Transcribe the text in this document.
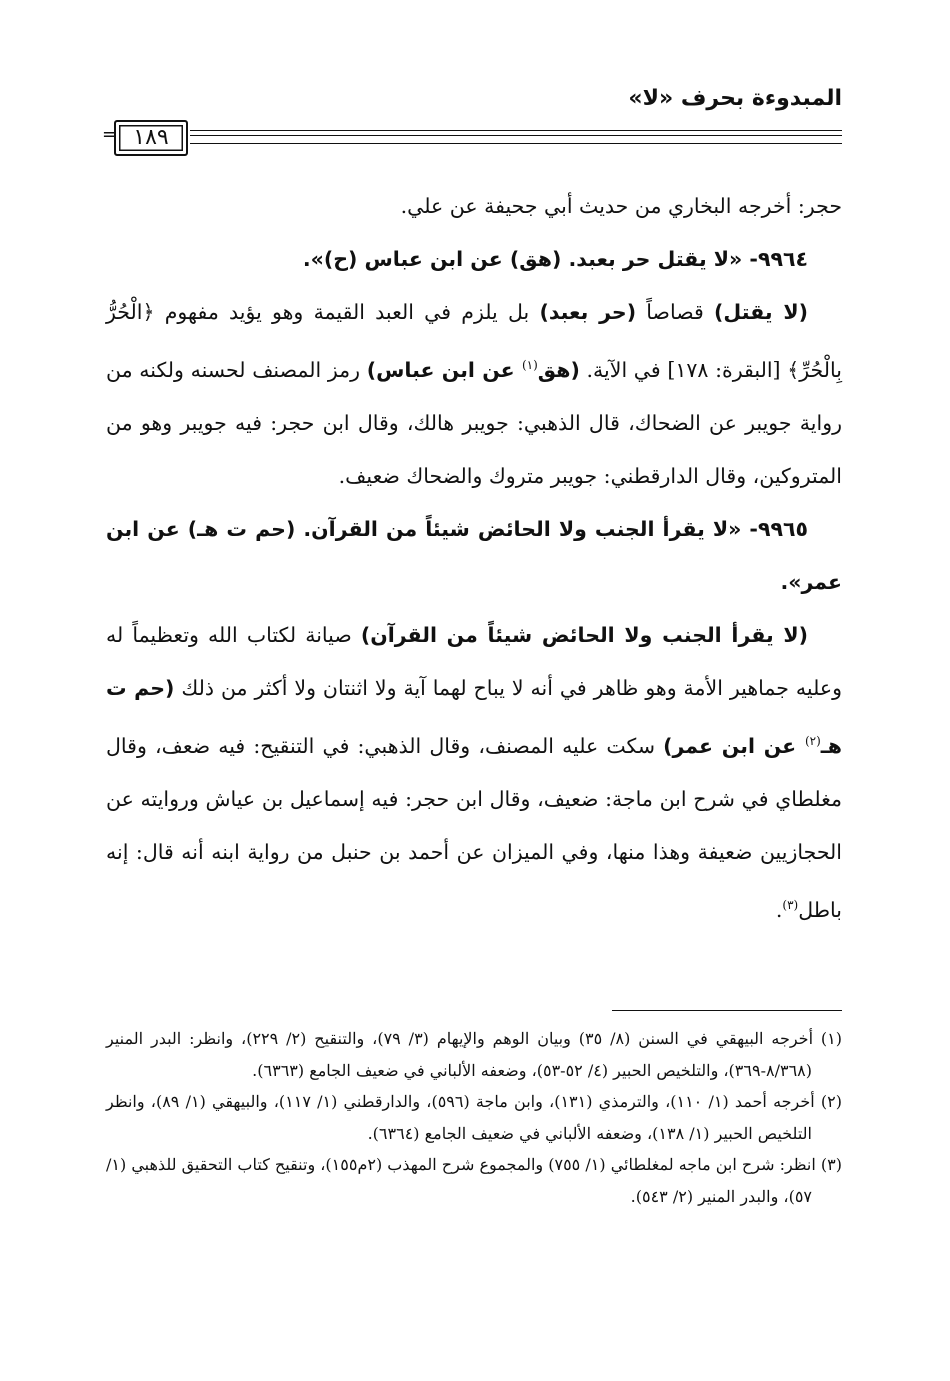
المبدوءة بحرف «لا»
١٨٩
=

حجر: أخرجه البخاري من حديث أبي جحيفة عن علي.

٩٩٦٤- «لا يقتل حر بعبد. (هق) عن ابن عباس (ح)».

(لا يقتل) قصاصاً (حر بعبد) بل يلزم في العبد القيمة وهو يؤيد مفهوم ﴿الْحُرُّ بِالْحُرِّ﴾ [البقرة: ١٧٨] في الآية. (هق$^{(١)}$ عن ابن عباس) رمز المصنف لحسنه ولكنه من رواية جويبر عن الضحاك، قال الذهبي: جويبر هالك، وقال ابن حجر: فيه جويبر وهو من المتروكين، وقال الدارقطني: جويبر متروك والضحاك ضعيف.

٩٩٦٥- «لا يقرأ الجنب ولا الحائض شيئاً من القرآن. (حم ت هـ) عن ابن عمر».

(لا يقرأ الجنب ولا الحائض شيئاً من القرآن) صيانة لكتاب الله وتعظيماً له وعليه جماهير الأمة وهو ظاهر في أنه لا يباح لهما آية ولا اثنتان ولا أكثر من ذلك (حم ت هـ$^{(٢)}$ عن ابن عمر) سكت عليه المصنف، وقال الذهبي: في التنقيح: فيه ضعف، وقال مغلطاي في شرح ابن ماجة: ضعيف، وقال ابن حجر: فيه إسماعيل بن عياش وروايته عن الحجازيين ضعيفة وهذا منها، وفي الميزان عن أحمد بن حنبل من رواية ابنه أنه قال: إنه باطل$^{(٣)}$.

(١) أخرجه البيهقي في السنن (٨/ ٣٥) وبيان الوهم والإيهام (٣/ ٧٩)، والتنقيح (٢/ ٢٢٩)، وانظر: البدر المنير (٨/٣٦٨-٣٦٩)، والتلخيص الحبير (٤/ ٥٢-٥٣)، وضعفه الألباني في ضعيف الجامع (٦٣٦٣).

(٢) أخرجه أحمد (١/ ١١٠)، والترمذي (١٣١)، وابن ماجة (٥٩٦)، والدارقطني (١/ ١١٧)، والبيهقي (١/ ٨٩)، وانظر التلخيص الحبير (١/ ١٣٨)، وضعفه الألباني في ضعيف الجامع (٦٣٦٤).

(٣) انظر: شرح ابن ماجه لمغلطائي (١/ ٧٥٥) والمجموع شرح المهذب (٢م١٥٥)، وتنقيح كتاب التحقيق للذهبي (١/ ٥٧)، والبدر المنير (٢/ ٥٤٣).
